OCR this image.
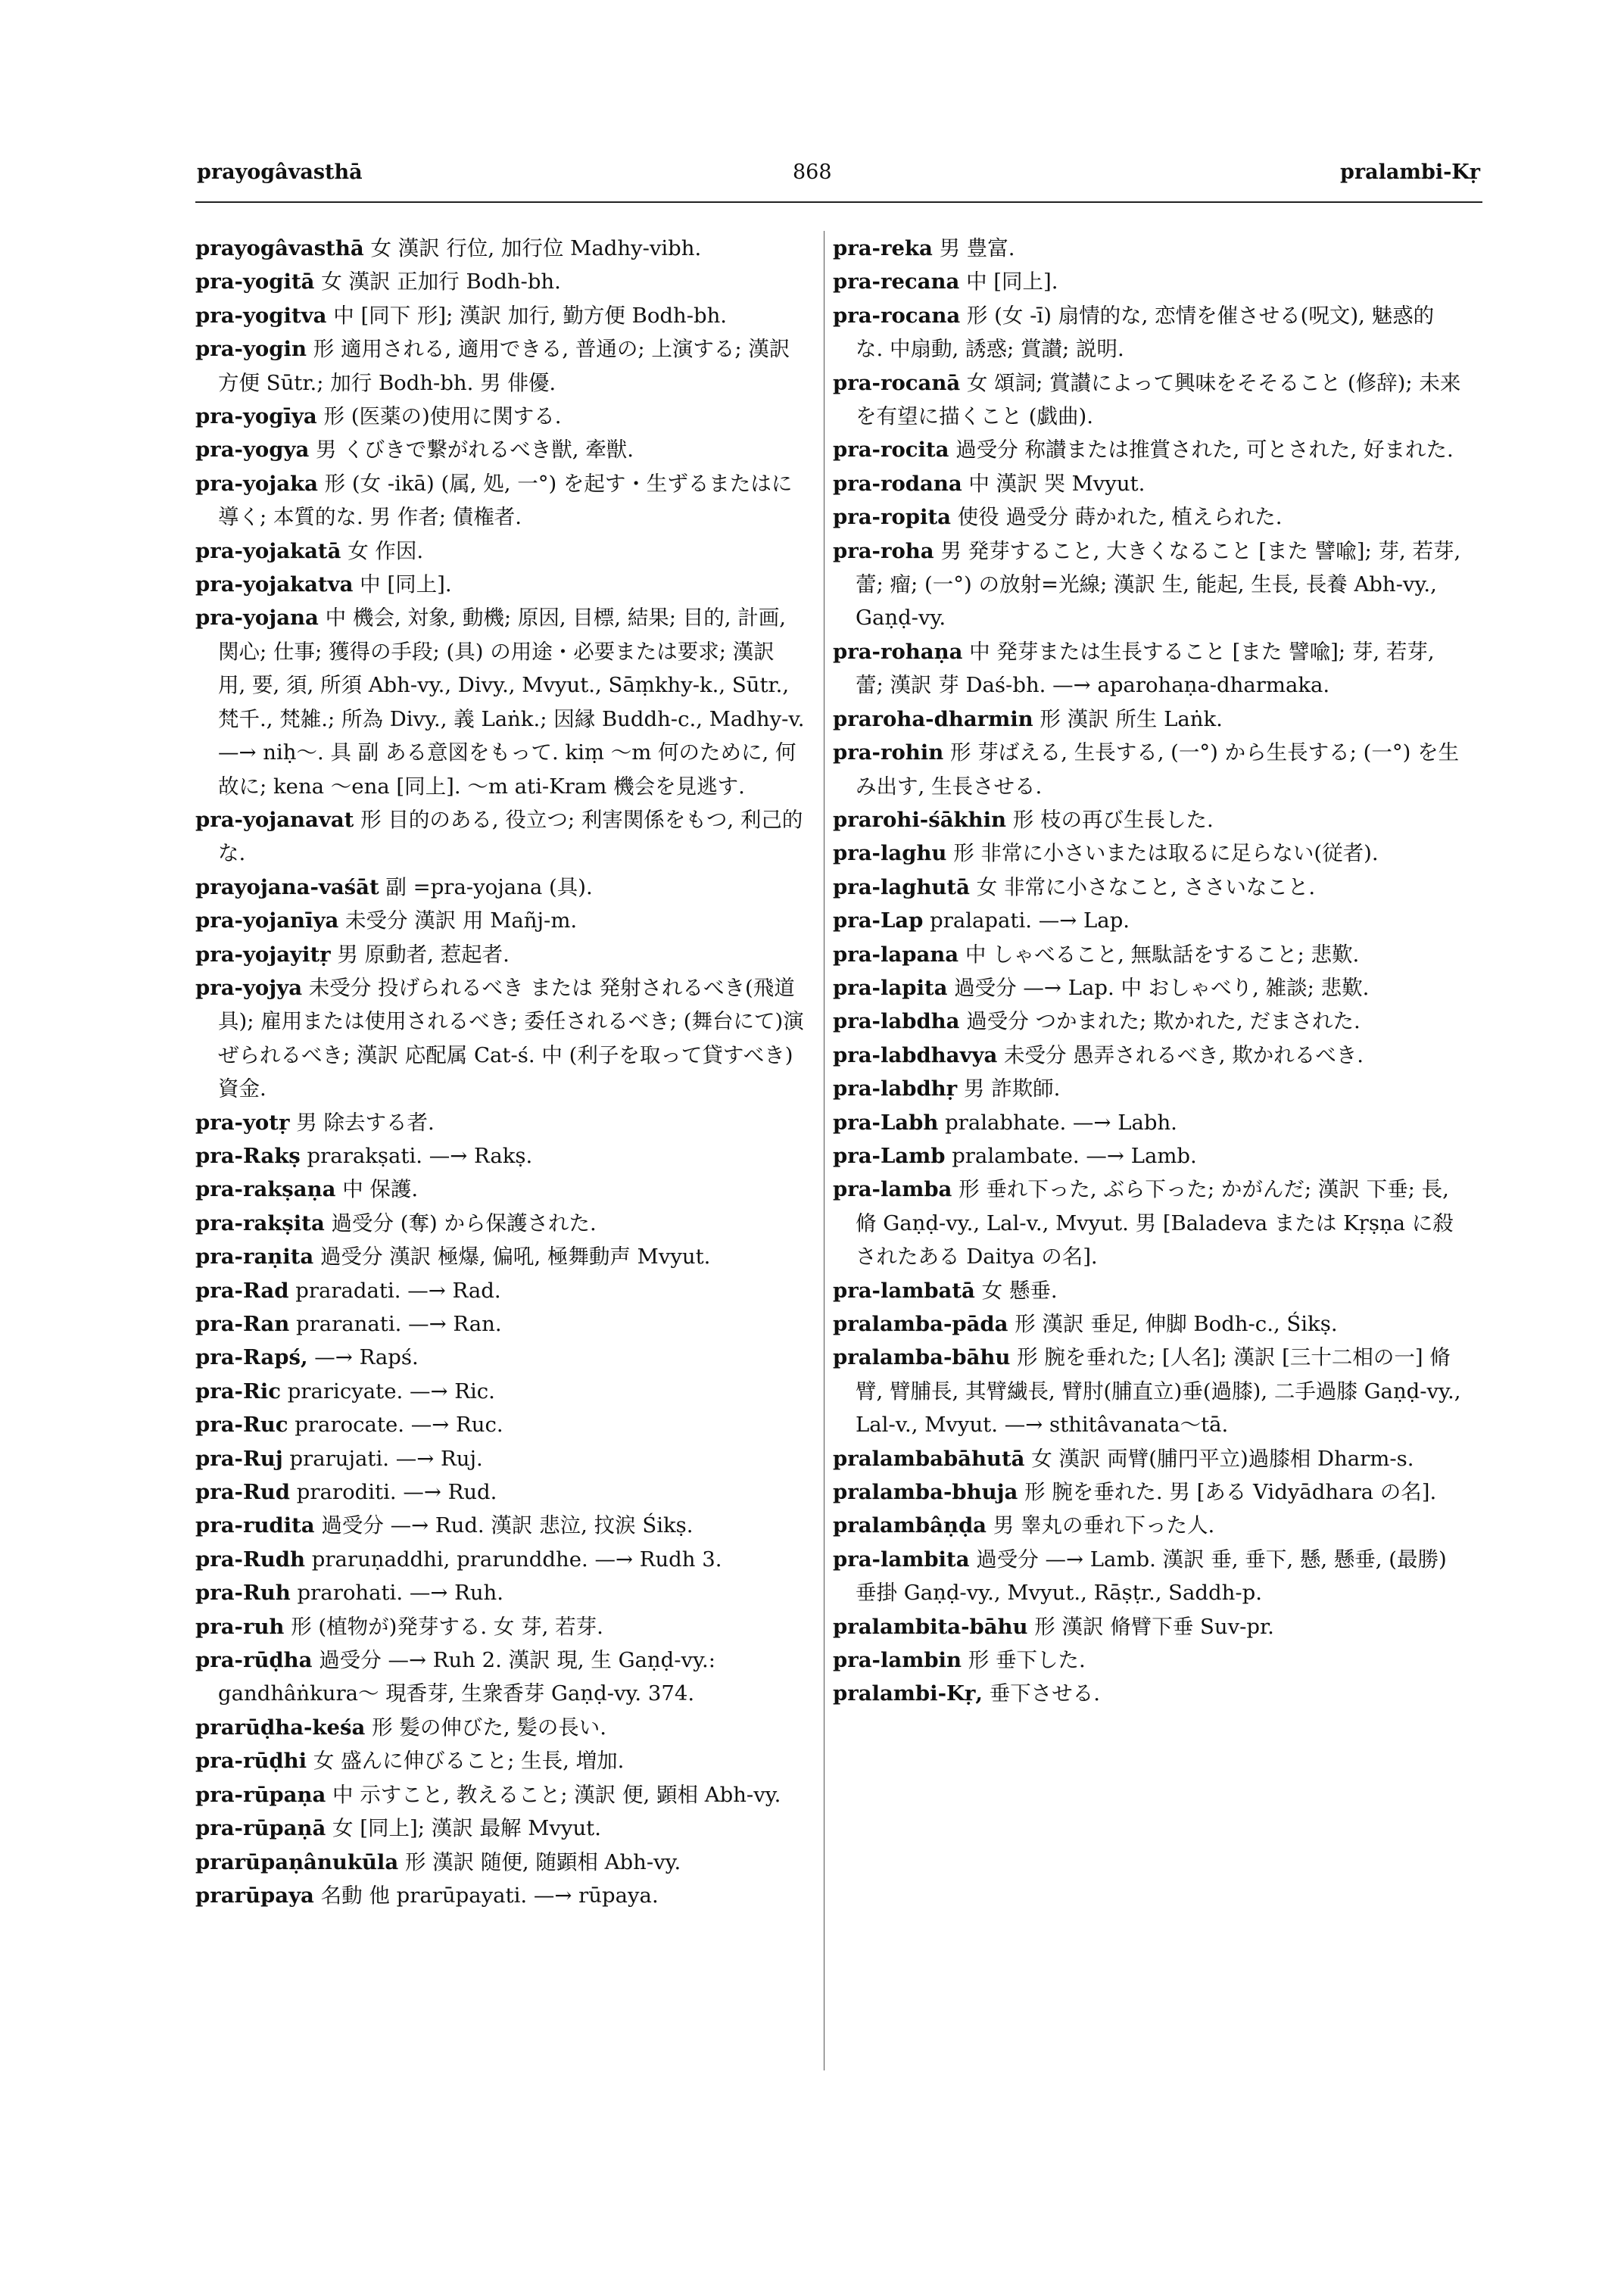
prayogâvasthā	868	pralambi-Kṛ
prayogâvasthā 女 漢訳 行位, 加行位 Madhy-vibh.
pra-yogitā 女 漢訳 正加行 Bodh-bh.
pra-yogitva 中 [同下 形]; 漢訳 加行, 勤方便 Bodh-bh.
pra-yogin 形 適用される, 適用できる, 普通の; 上演する; 漢訳 方便 Sūtr.; 加行 Bodh-bh. 男 俳優.
pra-yogīya 形 (医薬の)使用に関する.
pra-yogya 男 くびきで繋がれるべき獣, 牽獣.
pra-yojaka 形 (女 -ikā) (属, 処, 一°) を起す・生ずるまたはに導く; 本質的な. 男 作者; 債権者.
pra-yojakatā 女 作因.
pra-yojakatva 中 [同上].
pra-yojana 中 機会, 対象, 動機; 原因, 目標, 結果; 目的, 計画, 関心; 仕事; 獲得の手段; (具) の用途・必要または要求; 漢訳 用, 要, 須, 所須 Abh-vy., Divy., Mvyut., Sāṃkhy-k., Sūtr., 梵千., 梵雑.; 所為 Divy., 義 Laṅk.; 因縁 Buddh-c., Madhy-v. —→ niḥ～. 具 副 ある意図をもって. kiṃ ～m 何のために, 何故に; kena ～ena [同上]. ～m ati-Kram 機会を見逃す.
pra-yojanavat 形 目的のある, 役立つ; 利害関係をもつ, 利己的な.
prayojana-vaśāt 副 =pra-yojana (具).
pra-yojanīya 未受分 漢訳 用 Mañj-m.
pra-yojayitṛ 男 原動者, 惹起者.
pra-yojya 未受分 投げられるべき または 発射されるべき(飛道具); 雇用または使用されるべき; 委任されるべき; (舞台にて)演ぜられるべき; 漢訳 応配属 Cat-ś. 中 (利子を取って貸すべき)資金.
pra-yotṛ 男 除去する者.
pra-Rakṣ prarakṣati. —→ Rakṣ.
pra-rakṣaṇa 中 保護.
pra-rakṣita 過受分 (奪) から保護された.
pra-raṇita 過受分 漢訳 極爆, 偏吼, 極舞動声 Mvyut.
pra-Rad praradati. —→ Rad.
pra-Ran praranati. —→ Ran.
pra-Rapś, —→ Rapś.
pra-Ric praricyate. —→ Ric.
pra-Ruc prarocate. —→ Ruc.
pra-Ruj prarujati. —→ Ruj.
pra-Rud praroditi. —→ Rud.
pra-rudita 過受分 —→ Rud. 漢訳 悲泣, 抆涙 Śikṣ.
pra-Rudh praruṇaddhi, prarunddhe. —→ Rudh 3.
pra-Ruh prarohati. —→ Ruh.
pra-ruh 形 (植物が)発芽する. 女 芽, 若芽.
pra-rūḍha 過受分 —→ Ruh 2. 漢訳 現, 生 Gaṇḍ-vy.: gandhâṅkura～ 現香芽, 生衆香芽 Gaṇḍ-vy. 374.
prarūḍha-keśa 形 髪の伸びた, 髪の長い.
pra-rūḍhi 女 盛んに伸びること; 生長, 増加.
pra-rūpaṇa 中 示すこと, 教えること; 漢訳 便, 顕相 Abh-vy.
pra-rūpaṇā 女 [同上]; 漢訳 最解 Mvyut.
prarūpaṇânukūla 形 漢訳 随便, 随顕相 Abh-vy.
prarūpaya 名動 他 prarūpayati. —→ rūpaya.
pra-reka 男 豊富.
pra-recana 中 [同上].
pra-rocana 形 (女 -ī) 扇情的な, 恋情を催させる(呪文), 魅惑的な. 中扇動, 誘惑; 賞讃; 説明.
pra-rocanā 女 頌詞; 賞讃によって興味をそそること (修辞); 未来を有望に描くこと (戯曲).
pra-rocita 過受分 称讃または推賞された, 可とされた, 好まれた.
pra-rodana 中 漢訳 哭 Mvyut.
pra-ropita 使役 過受分 蒔かれた, 植えられた.
pra-roha 男 発芽すること, 大きくなること [また 譬喩]; 芽, 若芽, 蕾; 瘤; (一°) の放射=光線; 漢訳 生, 能起, 生長, 長養 Abh-vy., Gaṇḍ-vy.
pra-rohaṇa 中 発芽または生長すること [また 譬喩]; 芽, 若芽, 蕾; 漢訳 芽 Daś-bh. —→ aparohaṇa-dharmaka.
praroha-dharmin 形 漢訳 所生 Laṅk.
pra-rohin 形 芽ばえる, 生長する, (一°) から生長する; (一°) を生み出す, 生長させる.
prarohi-śākhin 形 枝の再び生長した.
pra-laghu 形 非常に小さいまたは取るに足らない(従者).
pra-laghutā 女 非常に小さなこと, ささいなこと.
pra-Lap pralapati. —→ Lap.
pra-lapana 中 しゃべること, 無駄話をすること; 悲歎.
pra-lapita 過受分 —→ Lap. 中 おしゃべり, 雑談; 悲歎.
pra-labdha 過受分 つかまれた; 欺かれた, だまされた.
pra-labdhavya 未受分 愚弄されるべき, 欺かれるべき.
pra-labdhṛ 男 詐欺師.
pra-Labh pralabhate. —→ Labh.
pra-Lamb pralambate. —→ Lamb.
pra-lamba 形 垂れ下った, ぶら下った; かがんだ; 漢訳 下垂; 長, 脩 Gaṇḍ-vy., Lal-v., Mvyut. 男 [Baladeva または Kṛṣṇa に殺されたある Daitya の名].
pra-lambatā 女 懸垂.
pralamba-pāda 形 漢訳 垂足, 伸脚 Bodh-c., Śikṣ.
pralamba-bāhu 形 腕を垂れた; [人名]; 漢訳 [三十二相の一] 脩臂, 臂脯長, 其臂繊長, 臂肘(脯直立)垂(過膝), 二手過膝 Gaṇḍ-vy., Lal-v., Mvyut. —→ sthitâvanata～tā.
pralambabāhutā 女 漢訳 両臂(脯円平立)過膝相 Dharm-s.
pralamba-bhuja 形 腕を垂れた. 男 [ある Vidyādhara の名].
pralambâṇḍa 男 睾丸の垂れ下った人.
pra-lambita 過受分 —→ Lamb. 漢訳 垂, 垂下, 懸, 懸垂, (最勝)垂掛 Gaṇḍ-vy., Mvyut., Rāṣṭr., Saddh-p.
pralambita-bāhu 形 漢訳 脩臂下垂 Suv-pr.
pra-lambin 形 垂下した.
pralambi-Kṛ, 垂下させる.
